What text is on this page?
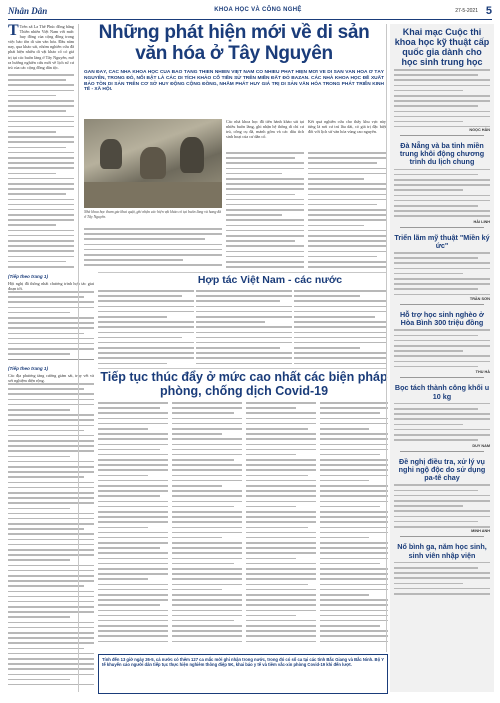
Nhân Dân	KHOA HỌC VÀ CÔNG NGHỆ	27-5-2021 5
T Trên xã La Thế Phúc đồng bằng Thiên nhiên Việt Nam với mức huy đông của cộng đồng trong việc bảo tồn di sản văn hóa. Đầu năm nay, qua khảo sát, nhóm nghiên cứu đã phát hiện nhiều di vật khảo cổ có giá trị tại các buôn làng ở Tây Nguyên, mở ra hướng nghiên cứu mới về lịch sử cư trú của các cộng đồng dân tộc.
Những phát hiện mới về di sản văn hóa ở Tây Nguyên
GẦN ĐÂY, CÁC NHÀ KHOA HỌC CỦA BẢO TÀNG THIÊN NHIÊN VIỆT NAM CÓ NHIỀU PHÁT HIỆN MỚI VỀ DI SẢN VĂN HÓA Ở TÂY NGUYÊN, TRONG ĐÓ, NỔI BẬT LÀ CÁC DI TÍCH KHẢO CỔ TIỀN SỬ TRÊN MIỀN ĐẤT ĐỎ BAZAN. CÁC NHÀ KHOA HỌC ĐỀ XUẤT BẢO TỒN DI SẢN TRÊN CƠ SỞ HUY ĐỘNG CỘNG ĐỒNG, NHẰM PHÁT HUY GIÁ TRỊ DI SẢN VĂN HÓA TRONG PHÁT TRIỂN KINH TẾ - XÃ HỘI.
Nhà khoa học tham gia khai quật, ghi nhận các hiện vật khảo cổ tại buôn làng và hang đá ở Tây Nguyên.
Các nhà khoa học đã tiến hành khảo sát tại nhiều buôn làng, ghi nhận hệ thống di chỉ cư trú, công cụ đá, mảnh gốm và các dấu tích sinh hoạt của cư dân cổ.
Kết quả nghiên cứu cho thấy khu vực này từng là nơi cư trú lâu dài, có giá trị đặc biệt đối với lịch sử văn hóa vùng cao nguyên.
(Tiếp theo trang 1)
Hội nghị đã thống nhất chương trình hợp tác giai đoạn tới.
Hợp tác Việt Nam - các nước
(Tiếp theo trang 1)
Các địa phương tăng cường giám sát, truy vết và xét nghiệm diện rộng.	Tiếp tục thúc đẩy ở mức cao nhất các biện pháp phòng, chống dịch Covid-19
Tính đến 13 giờ ngày 26-5, cả nước có thêm 127 ca mắc mới ghi nhận trong nước, trong đó có số ca tại các tỉnh Bắc Giang và Bắc Ninh. Bộ Y tế khuyến cáo người dân tiếp tục thực hiện nghiêm thông điệp 5K, khai báo y tế và tiêm vắc-xin phòng Covid-19 khi đến lượt.
Khai mạc Cuộc thi khoa học kỹ thuật cấp quốc gia dành cho học sinh trung học
NGỌC HÂN
Đà Nẵng và ba tỉnh miền trung khôi động chương trình du lịch chung
HẢI LINH
Triển lãm mỹ thuật "Miền ký ức"
TRẦN SƠN
Hỗ trợ học sinh nghèo ở Hòa Bình 300 triệu đồng
THU HÀ
Bọc tách thành công khối u 10 kg
DUY NAM
Đề nghị điều tra, xử lý vụ nghi ngộ độc do sử dụng pa-tê chay
MINH ANH
Nổ bình ga, năm học sinh, sinh viên nhập viện
